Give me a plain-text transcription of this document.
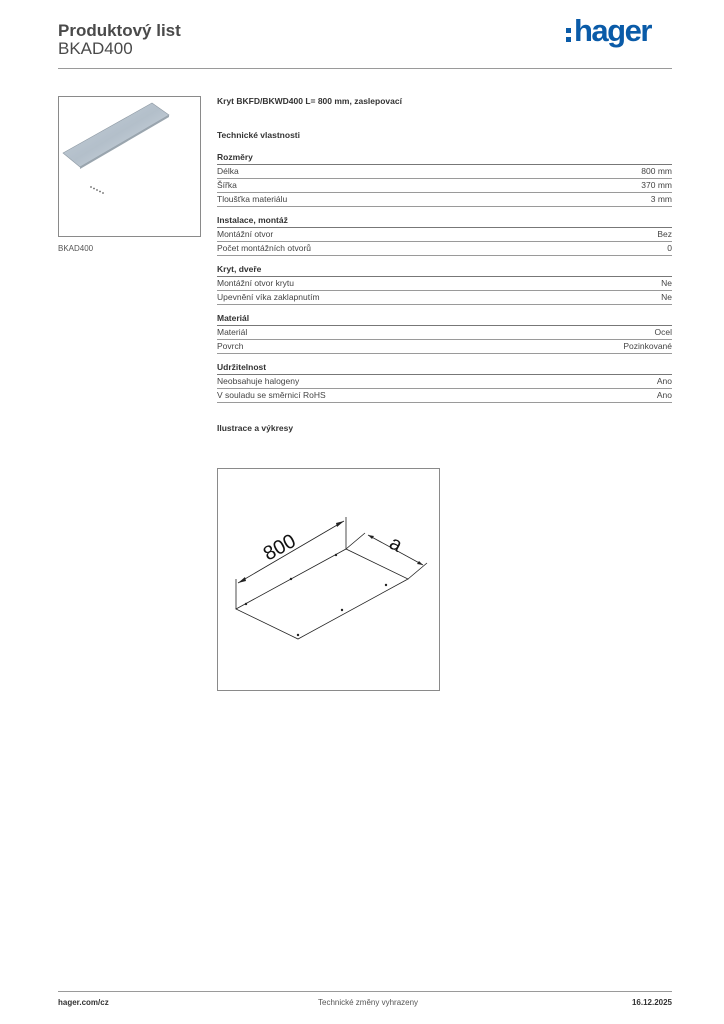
Produktový list
BKAD400
hager
BKAD400
Kryt BKFD/BKWD400 L= 800 mm, zaslepovací
Technické vlastnosti
Rozměry
Délka	800 mm
Šířka	370 mm
Tloušťka materiálu	3 mm
Instalace, montáž
Montážní otvor	Bez
Počet montážních otvorů	0
Kryt, dveře
Montážní otvor krytu	Ne
Upevnění víka zaklapnutím	Ne
Materiál
Materiál	Ocel
Povrch	Pozinkované
Udržitelnost
Neobsahuje halogeny	Ano
V souladu se směrnicí RoHS	Ano
Ilustrace a výkresy
800	a
hager.com/cz	Technické změny vyhrazeny	16.12.2025
